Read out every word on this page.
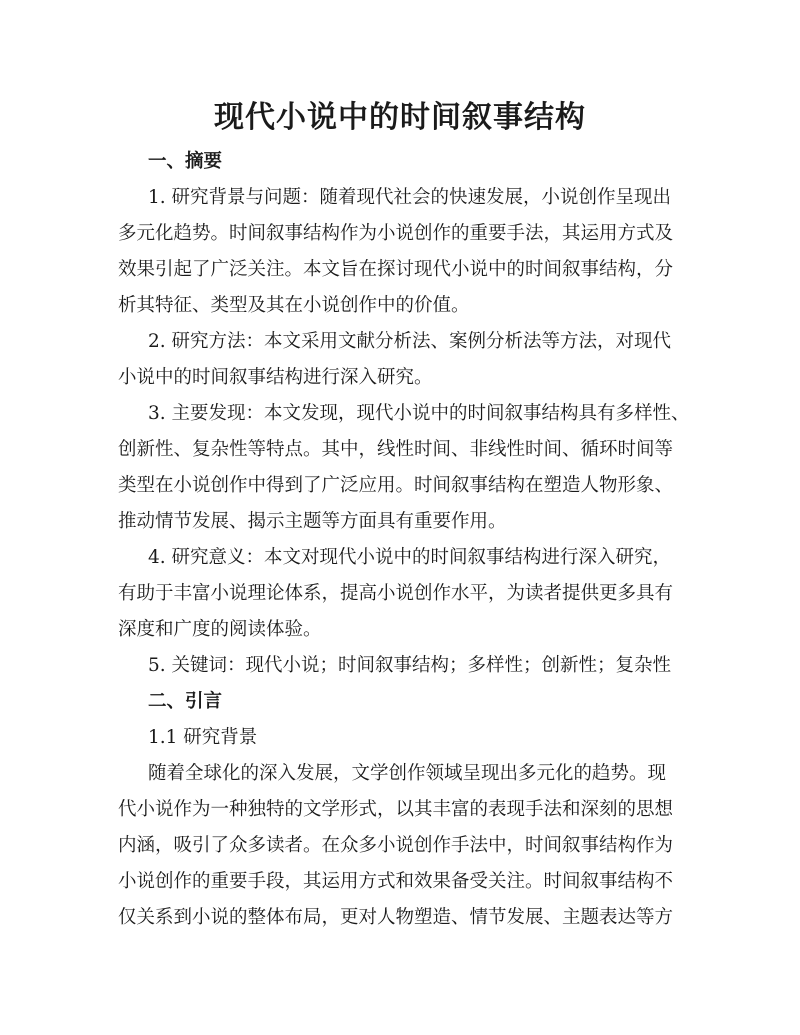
现代小说中的时间叙事结构
一、摘要
1. 研究背景与问题：随着现代社会的快速发展，小说创作呈现出
多元化趋势。时间叙事结构作为小说创作的重要手法，其运用方式及
效果引起了广泛关注。本文旨在探讨现代小说中的时间叙事结构，分
析其特征、类型及其在小说创作中的价值。
2. 研究方法：本文采用文献分析法、案例分析法等方法，对现代
小说中的时间叙事结构进行深入研究。
3. 主要发现：本文发现，现代小说中的时间叙事结构具有多样性、
创新性、复杂性等特点。其中，线性时间、非线性时间、循环时间等
类型在小说创作中得到了广泛应用。时间叙事结构在塑造人物形象、
推动情节发展、揭示主题等方面具有重要作用。
4. 研究意义：本文对现代小说中的时间叙事结构进行深入研究，
有助于丰富小说理论体系，提高小说创作水平，为读者提供更多具有
深度和广度的阅读体验。
5. 关键词：现代小说；时间叙事结构；多样性；创新性；复杂性
二、引言
1.1 研究背景
随着全球化的深入发展，文学创作领域呈现出多元化的趋势。现
代小说作为一种独特的文学形式，以其丰富的表现手法和深刻的思想
内涵，吸引了众多读者。在众多小说创作手法中，时间叙事结构作为
小说创作的重要手段，其运用方式和效果备受关注。时间叙事结构不
仅关系到小说的整体布局，更对人物塑造、情节发展、主题表达等方
